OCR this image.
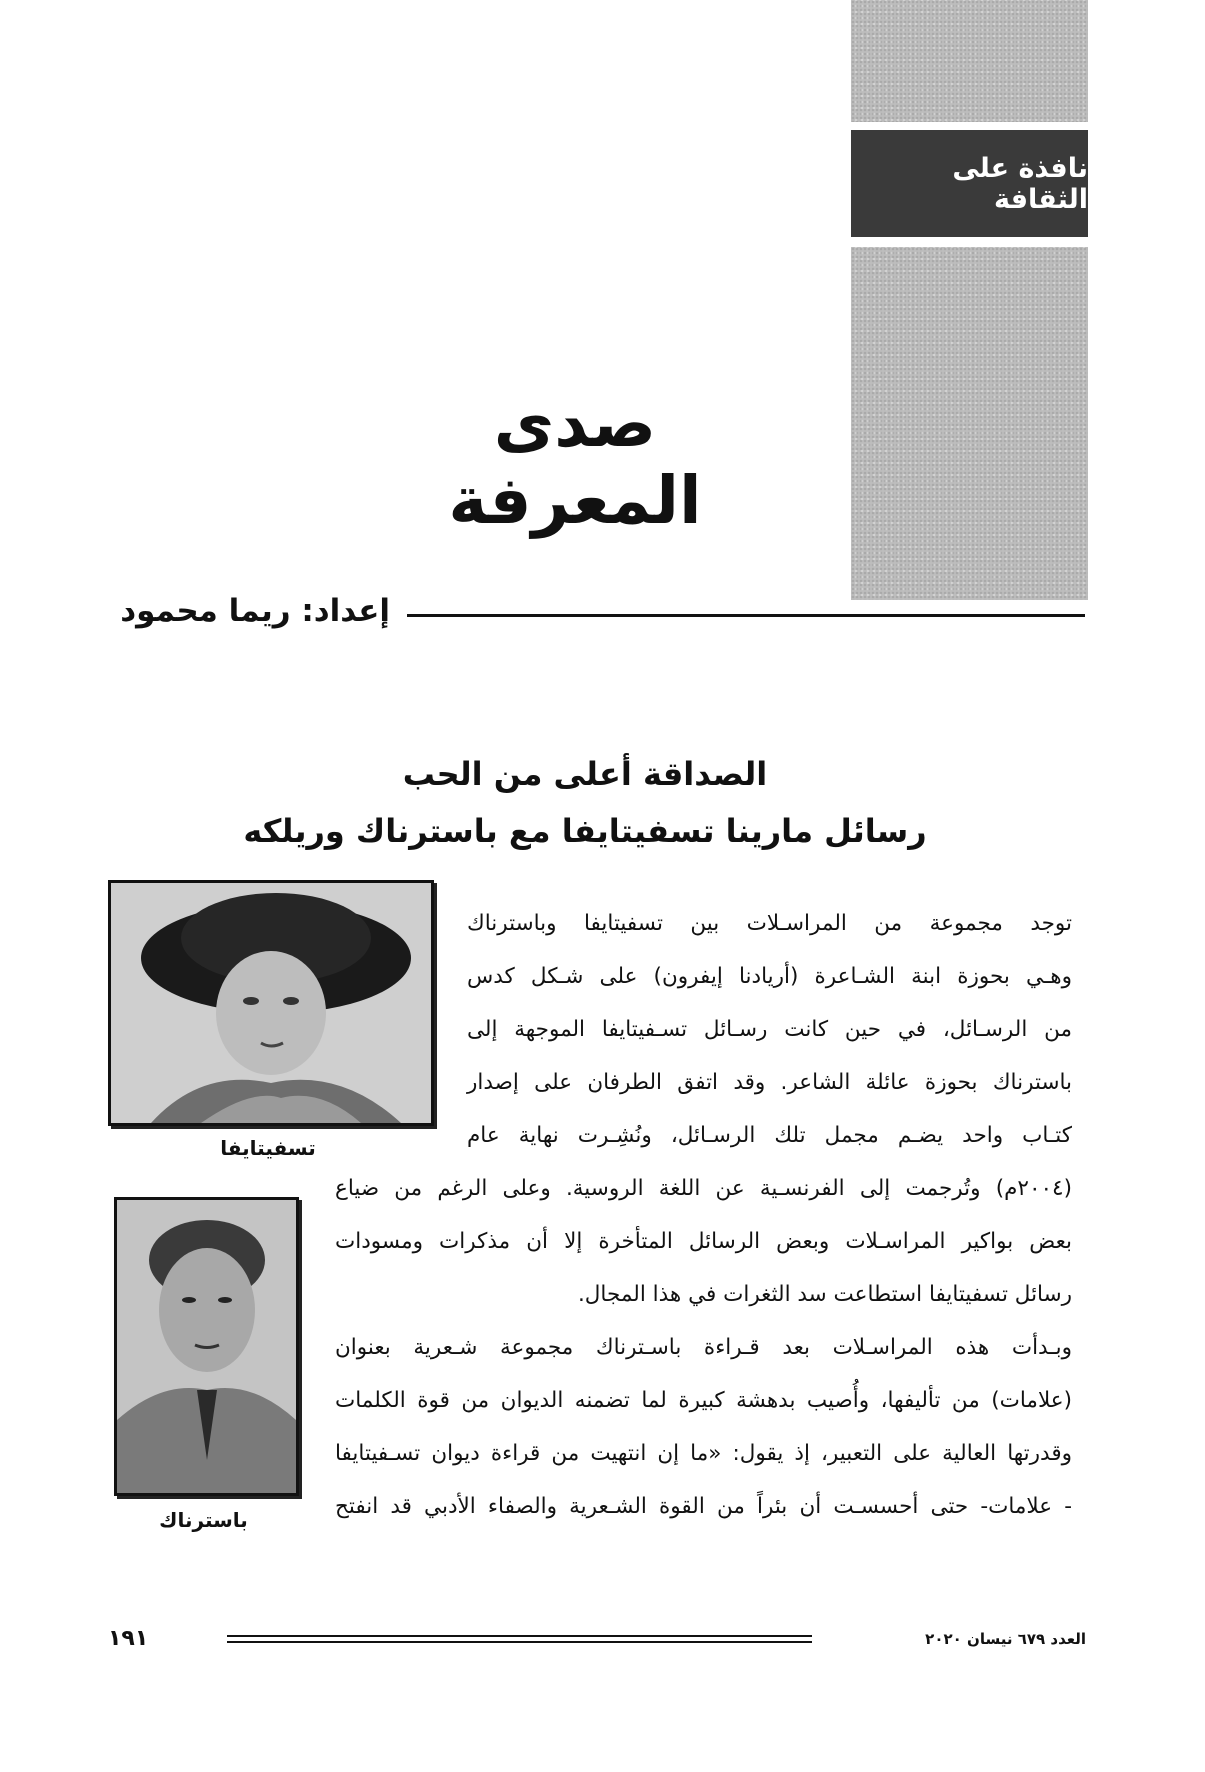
نافذة على الثقافة
صدى المعرفة
إعداد: ريما محمود
الصداقة أعلى من الحب
رسائل مارينا تسفيتايفا مع باسترناك وريلكه
تسفيتايفا
باسترناك
توجد مجموعة من المراسـلات بين تسفيتايفا وباسترناك
وهـي بحوزة ابنة الشـاعرة (أريادنا إيفرون) على شـكل كدس
من الرسـائل، في حين كانت رسـائل تسـفيتايفا الموجهة إلى
باسترناك بحوزة عائلة الشاعر. وقد اتفق الطرفان على إصدار
كتـاب واحد يضـم مجمل تلك الرسـائل، ونُشِـرت نهاية عام
(٢٠٠٤م) وتُرجمت إلى الفرنسـية عن اللغة الروسية. وعلى الرغم من ضياع
بعض بواكير المراسـلات وبعض الرسائل المتأخرة إلا أن مذكرات ومسودات
رسائل تسفيتايفا استطاعت سد الثغرات في هذا المجال.
وبـدأت هذه المراسـلات بعد قـراءة باسـترناك مجموعة شـعرية بعنوان
(علامات) من تأليفها، وأُصيب بدهشة كبيرة لما تضمنه الديوان من قوة الكلمات
وقدرتها العالية على التعبير، إذ يقول: «ما إن انتهيت من قراءة ديوان تسـفيتايفا
- علامات- حتى أحسسـت أن بئراً من القوة الشـعرية والصفاء الأدبي قد انفتح
١٩١	العدد ٦٧٩ نيسان ٢٠٢٠
